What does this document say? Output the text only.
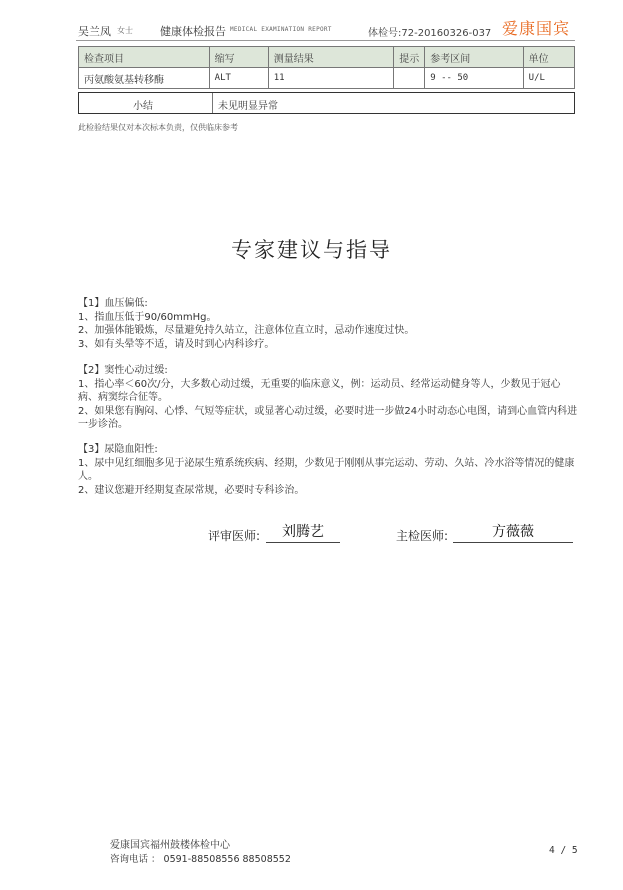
吴兰凤 女士 健康体检报告 MEDICAL EXAMINATION REPORT	体检号:72-20160326-037 爱康国宾
检查项目	缩写	测量结果	提示	参考区间	单位
丙氨酸氨基转移酶	ALT	11		9 -- 50	U/L
小结	未见明显异常
此检验结果仅对本次标本负责，仅供临床参考
专家建议与指导

【1】血压偏低:

1、指血压低于90/60mmHg。

2、加强体能锻炼，尽量避免持久站立，注意体位直立时，忌动作速度过快。

3、如有头晕等不适，请及时到心内科诊疗。

【2】窦性心动过缓:

1、指心率＜60次/分，大多数心动过缓，无重要的临床意义，例：运动员、经常运动健身等人，少数见于冠心病、病窦综合征等。

2、如果您有胸闷、心悸、气短等症状，或显著心动过缓，必要时进一步做24小时动态心电图，请到心血管内科进一步诊治。

【3】尿隐血阳性:

1、尿中见红细胞多见于泌尿生殖系统疾病、经期，少数见于刚刚从事完运动、劳动、久站、冷水浴等情况的健康人。

2、建议您避开经期复查尿常规，必要时专科诊治。

评审医师:	刘腾艺	主检医师:	方薇薇
爱康国宾福州鼓楼体检中心
咨询电话 ： 0591-88508556 88508552
4 / 5
